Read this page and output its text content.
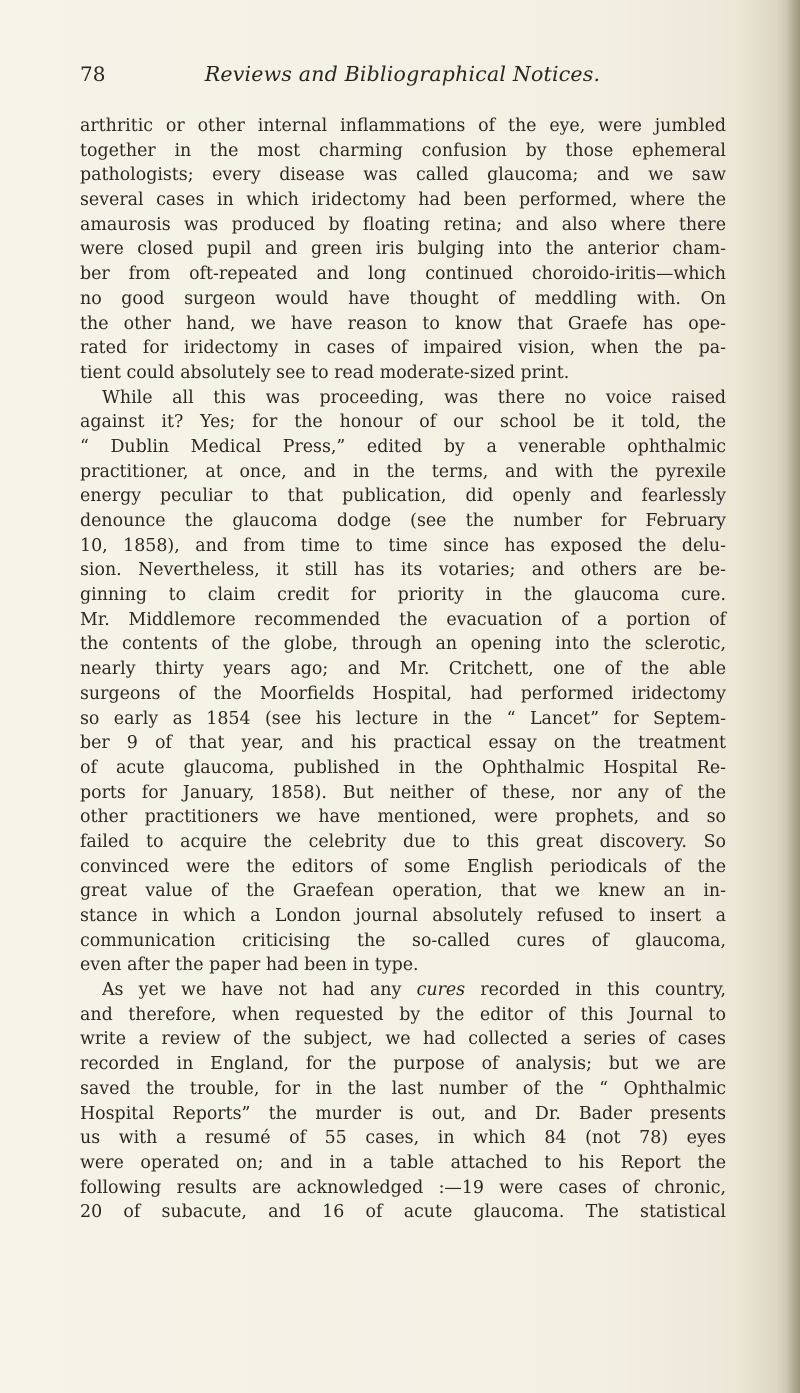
78	Reviews and Bibliographical Notices.
arthritic or other internal inflammations of the eye, were jumbled
together in the most charming confusion by those ephemeral
pathologists; every disease was called glaucoma; and we saw
several cases in which iridectomy had been performed, where the
amaurosis was produced by floating retina; and also where there
were closed pupil and green iris bulging into the anterior cham-
ber from oft-repeated and long continued choroido-iritis—which
no good surgeon would have thought of meddling with. On
the other hand, we have reason to know that Graefe has ope-
rated for iridectomy in cases of impaired vision, when the pa-
tient could absolutely see to read moderate-sized print.
While all this was proceeding, was there no voice raised
against it? Yes; for the honour of our school be it told, the
“ Dublin Medical Press,” edited by a venerable ophthalmic
practitioner, at once, and in the terms, and with the pyrexile
energy peculiar to that publication, did openly and fearlessly
denounce the glaucoma dodge (see the number for February
10, 1858), and from time to time since has exposed the delu-
sion. Nevertheless, it still has its votaries; and others are be-
ginning to claim credit for priority in the glaucoma cure.
Mr. Middlemore recommended the evacuation of a portion of
the contents of the globe, through an opening into the sclerotic,
nearly thirty years ago; and Mr. Critchett, one of the able
surgeons of the Moorfields Hospital, had performed iridectomy
so early as 1854 (see his lecture in the “ Lancet” for Septem-
ber 9 of that year, and his practical essay on the treatment
of acute glaucoma, published in the Ophthalmic Hospital Re-
ports for January, 1858). But neither of these, nor any of the
other practitioners we have mentioned, were prophets, and so
failed to acquire the celebrity due to this great discovery. So
convinced were the editors of some English periodicals of the
great value of the Graefean operation, that we knew an in-
stance in which a London journal absolutely refused to insert a
communication criticising the so-called cures of glaucoma,
even after the paper had been in type.
As yet we have not had any cures recorded in this country,
and therefore, when requested by the editor of this Journal to
write a review of the subject, we had collected a series of cases
recorded in England, for the purpose of analysis; but we are
saved the trouble, for in the last number of the “ Ophthalmic
Hospital Reports” the murder is out, and Dr. Bader presents
us with a resumé of 55 cases, in which 84 (not 78) eyes
were operated on; and in a table attached to his Report the
following results are acknowledged :—19 were cases of chronic,
20 of subacute, and 16 of acute glaucoma. The statistical
